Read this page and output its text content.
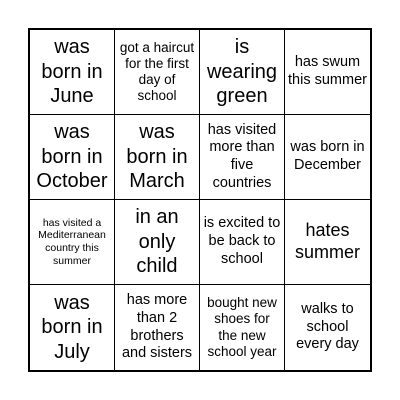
was born in June
got a haircut for the first day of school
is wearing green
has swum this summer
was born in October
was born in March
has visited more than five countries
was born in December
has visited a Mediterranean country this summer
in an only child
is excited to be back to school
hates summer
was born in July
has more than 2 brothers and sisters
bought new shoes for the new school year
walks to school every day
